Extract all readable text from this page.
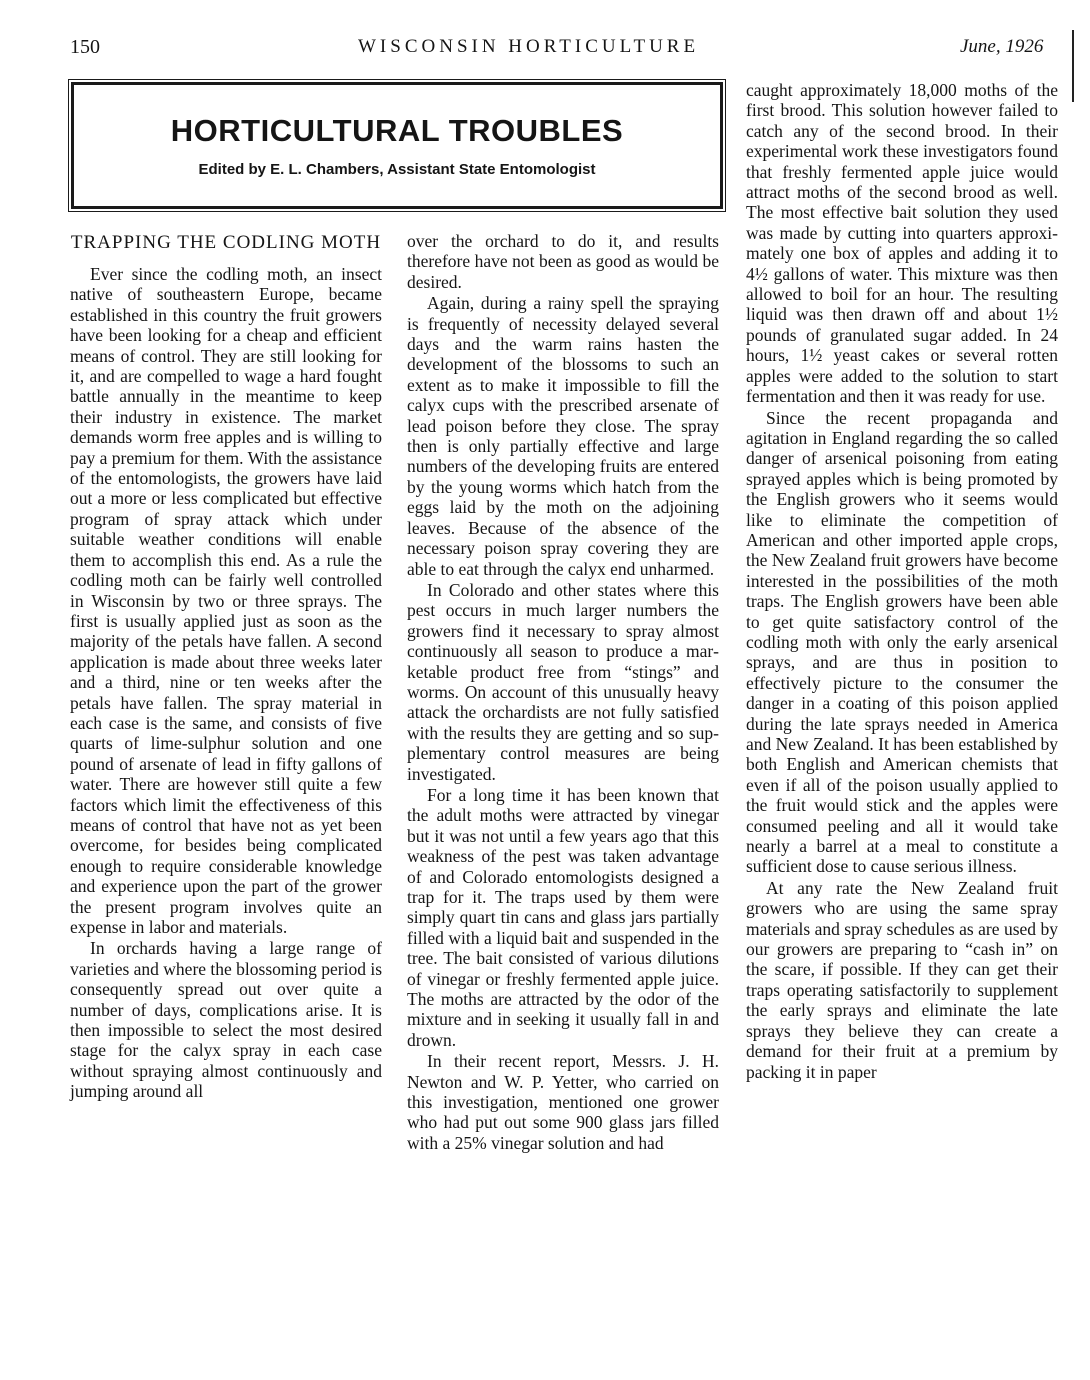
150	WISCONSIN HORTICULTURE	June, 1926
HORTICULTURAL TROUBLES
Edited by E. L. Chambers, Assistant State Entomologist
TRAPPING THE CODLING MOTH

Ever since the codling moth, an insect native of southeastern Europe, became established in this country the fruit growers have been looking for a cheap and efficient means of control. They are still looking for it, and are compelled to wage a hard fought battle annually in the meantime to keep their industry in existence. The market demands worm free apples and is willing to pay a premium for them. With the assistance of the entomologists, the growers have laid out a more or less complicated but effective program of spray attack which under suitable weather conditions will enable them to accomplish this end. As a rule the codling moth can be fairly well controlled in Wisconsin by two or three sprays. The first is usually applied just as soon as the majority of the petals have fallen. A second application is made about three weeks later and a third, nine or ten weeks after the petals have fallen. The spray material in each case is the same, and consists of five quarts of lime-sulphur solution and one pound of arsenate of lead in fifty gallons of water. There are however still quite a few factors which limit the effectiveness of this means of control that have not as yet been overcome, for besides being complicated enough to require considerable knowledge and experience upon the part of the grower the present program involves quite an expense in labor and materials.

In orchards having a large range of varieties and where the blossoming period is consequently spread out over quite a number of days, complications arise. It is then impossible to select the most desired stage for the calyx spray in each case without spraying almost continuously and jumping around all

over the orchard to do it, and results therefore have not been as good as would be desired.

Again, during a rainy spell the spraying is frequently of necessity delayed several days and the warm rains hasten the development of the blossoms to such an extent as to make it impossible to fill the calyx cups with the prescribed arsenate of lead poison before they close. The spray then is only partially effective and large numbers of the developing fruits are entered by the young worms which hatch from the eggs laid by the moth on the adjoining leaves. Because of the absence of the necessary poison spray covering they are able to eat through the calyx end unharmed.

In Colorado and other states where this pest occurs in much larger numbers the growers find it necessary to spray almost continuously all season to produce a marketable product free from “stings” and worms. On account of this unusually heavy attack the orchardists are not fully satisfied with the results they are getting and so supplementary control measures are being investigated.

For a long time it has been known that the adult moths were attracted by vinegar but it was not until a few years ago that this weakness of the pest was taken advantage of and Colorado entomologists designed a trap for it. The traps used by them were simply quart tin cans and glass jars partially filled with a liquid bait and suspended in the tree. The bait consisted of various dilutions of vinegar or freshly fermented apple juice. The moths are attracted by the odor of the mixture and in seeking it usually fall in and drown.

In their recent report, Messrs. J. H. Newton and W. P. Yetter, who carried on this investigation, mentioned one grower who had put out some 900 glass jars filled with a 25% vinegar solution and had

caught approximately 18,000 moths of the first brood. This solution however failed to catch any of the second brood. In their experimental work these investigators found that freshly fermented apple juice would attract moths of the second brood as well. The most effective bait solution they used was made by cutting into quarters approximately one box of apples and adding it to 4½ gallons of water. This mixture was then allowed to boil for an hour. The resulting liquid was then drawn off and about 1½ pounds of granulated sugar added. In 24 hours, 1½ yeast cakes or several rotten apples were added to the solution to start fermentation and then it was ready for use.

Since the recent propaganda and agitation in England regarding the so called danger of arsenical poisoning from eating sprayed apples which is being promoted by the English growers who it seems would like to eliminate the competition of American and other imported apple crops, the New Zealand fruit growers have become interested in the possibilities of the moth traps. The English growers have been able to get quite satisfactory control of the codling moth with only the early arsenical sprays, and are thus in position to effectively picture to the consumer the danger in a coating of this poison applied during the late sprays needed in America and New Zealand. It has been established by both English and American chemists that even if all of the poison usually applied to the fruit would stick and the apples were consumed peeling and all it would take nearly a barrel at a meal to constitute a sufficient dose to cause serious illness.

At any rate the New Zealand fruit growers who are using the same spray materials and spray schedules as are used by our growers are preparing to “cash in” on the scare, if possible. If they can get their traps operating satisfactorily to supplement the early sprays and eliminate the late sprays they believe they can create a demand for their fruit at a premium by packing it in paper
